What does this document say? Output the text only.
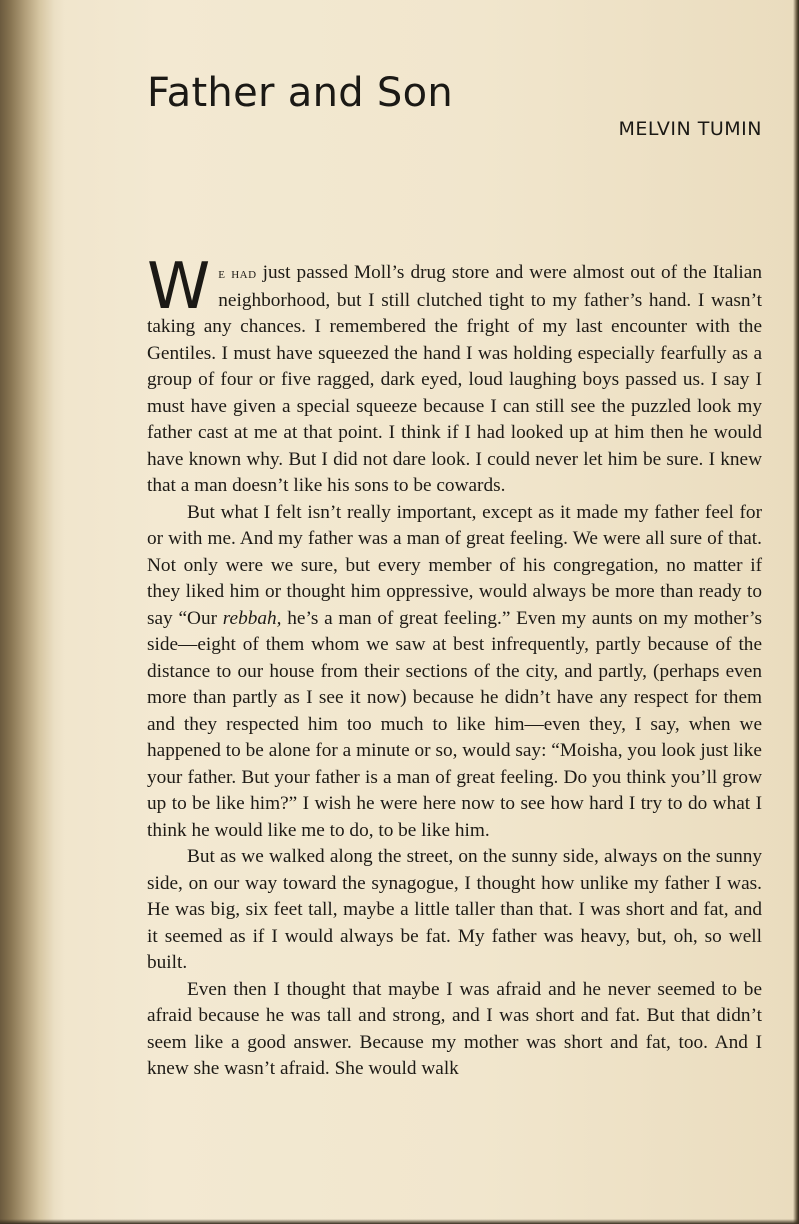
Father and Son
MELVIN TUMIN

We had just passed Moll’s drug store and were almost out of the Italian neighborhood, but I still clutched tight to my father’s hand. I wasn’t taking any chances. I remembered the fright of my last encounter with the Gentiles. I must have squeezed the hand I was holding especially fearfully as a group of four or five ragged, dark eyed, loud laughing boys passed us. I say I must have given a special squeeze because I can still see the puzzled look my father cast at me at that point. I think if I had looked up at him then he would have known why. But I did not dare look. I could never let him be sure. I knew that a man doesn’t like his sons to be cowards.

But what I felt isn’t really important, except as it made my father feel for or with me. And my father was a man of great feeling. We were all sure of that. Not only were we sure, but every member of his congregation, no matter if they liked him or thought him oppressive, would always be more than ready to say “Our rebbah, he’s a man of great feeling.” Even my aunts on my mother’s side—eight of them whom we saw at best infrequently, partly because of the distance to our house from their sections of the city, and partly, (perhaps even more than partly as I see it now) because he didn’t have any respect for them and they respected him too much to like him—even they, I say, when we happened to be alone for a minute or so, would say: “Moisha, you look just like your father. But your father is a man of great feeling. Do you think you’ll grow up to be like him?” I wish he were here now to see how hard I try to do what I think he would like me to do, to be like him.

But as we walked along the street, on the sunny side, always on the sunny side, on our way toward the synagogue, I thought how unlike my father I was. He was big, six feet tall, maybe a little taller than that. I was short and fat, and it seemed as if I would always be fat. My father was heavy, but, oh, so well built.

Even then I thought that maybe I was afraid and he never seemed to be afraid because he was tall and strong, and I was short and fat. But that didn’t seem like a good answer. Because my mother was short and fat, too. And I knew she wasn’t afraid. She would walk
